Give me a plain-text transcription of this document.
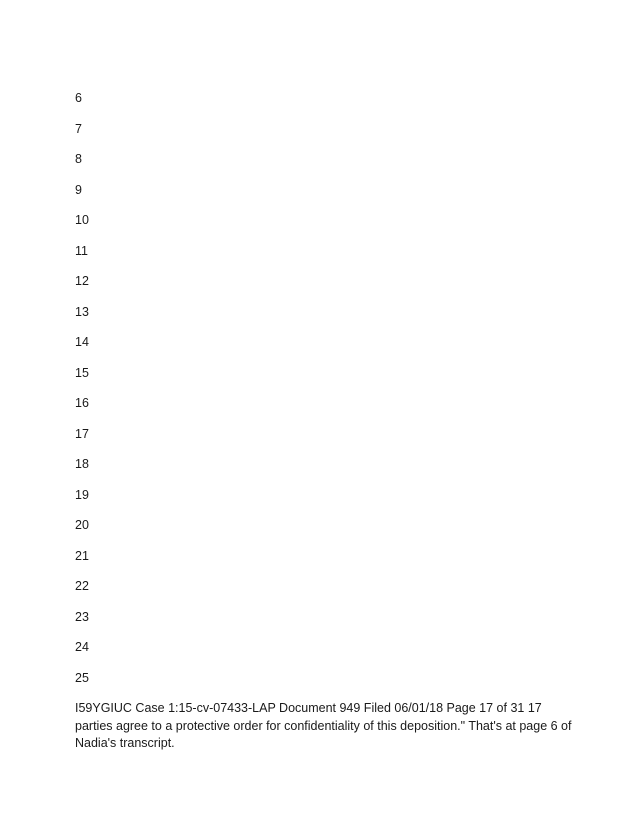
6
7
8
9
10
11
12
13
14
15
16
17
18
19
20
21
22
23
24
25

I59YGIUC Case 1:15-cv-07433-LAP Document 949 Filed 06/01/18 Page 17 of 31 17 parties agree to a protective order for confidentiality of this deposition." That's at page 6 of Nadia's transcript.
